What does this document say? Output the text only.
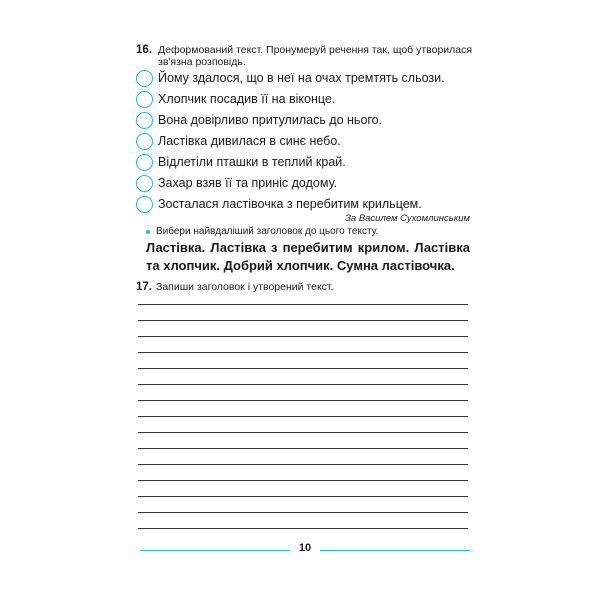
16. Деформований текст. Пронумеруй речення так, щоб утворилася
зв'язна розповідь.
Йому здалося, що в неї на очах тремтять сльози.
Хлопчик посадив її на віконце.
Вона довірливо притулилась до нього.
Ластівка дивилася в синє небо.
Відлетіли пташки в теплий край.
Захар взяв її та приніс додому.
Зосталася ластівочка з перебитим крильцем.
За Василем Сухомлинським
Вибери найвдаліший заголовок до цього тексту.
Ластівка. Ластівка з перебитим крилом. Ластівка та хлопчик. Добрий хлопчик. Сумна ластівочка.
17. Запиши заголовок і утворений текст.
10
